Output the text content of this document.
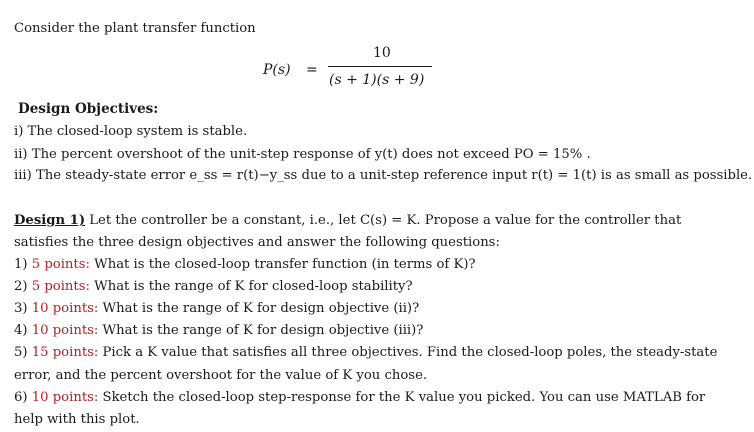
Consider the plant transfer function
P(s) =
10
(s + 1)(s + 9)
Design Objectives:
i) The closed-loop system is stable.
ii) The percent overshoot of the unit-step response of y(t) does not exceed PO = 15% .
iii) The steady-state error e_ss = r(t)−y_ss due to a unit-step reference input r(t) = 1(t) is as small as possible.
Design 1) Let the controller be a constant, i.e., let C(s) = K. Propose a value for the controller that
satisfies the three design objectives and answer the following questions:
1) 5 points: What is the closed-loop transfer function (in terms of K)?
2) 5 points: What is the range of K for closed-loop stability?
3) 10 points: What is the range of K for design objective (ii)?
4) 10 points: What is the range of K for design objective (iii)?
5) 15 points: Pick a K value that satisfies all three objectives. Find the closed-loop poles, the steady-state
error, and the percent overshoot for the value of K you chose.
6) 10 points: Sketch the closed-loop step-response for the K value you picked. You can use MATLAB for
help with this plot.
